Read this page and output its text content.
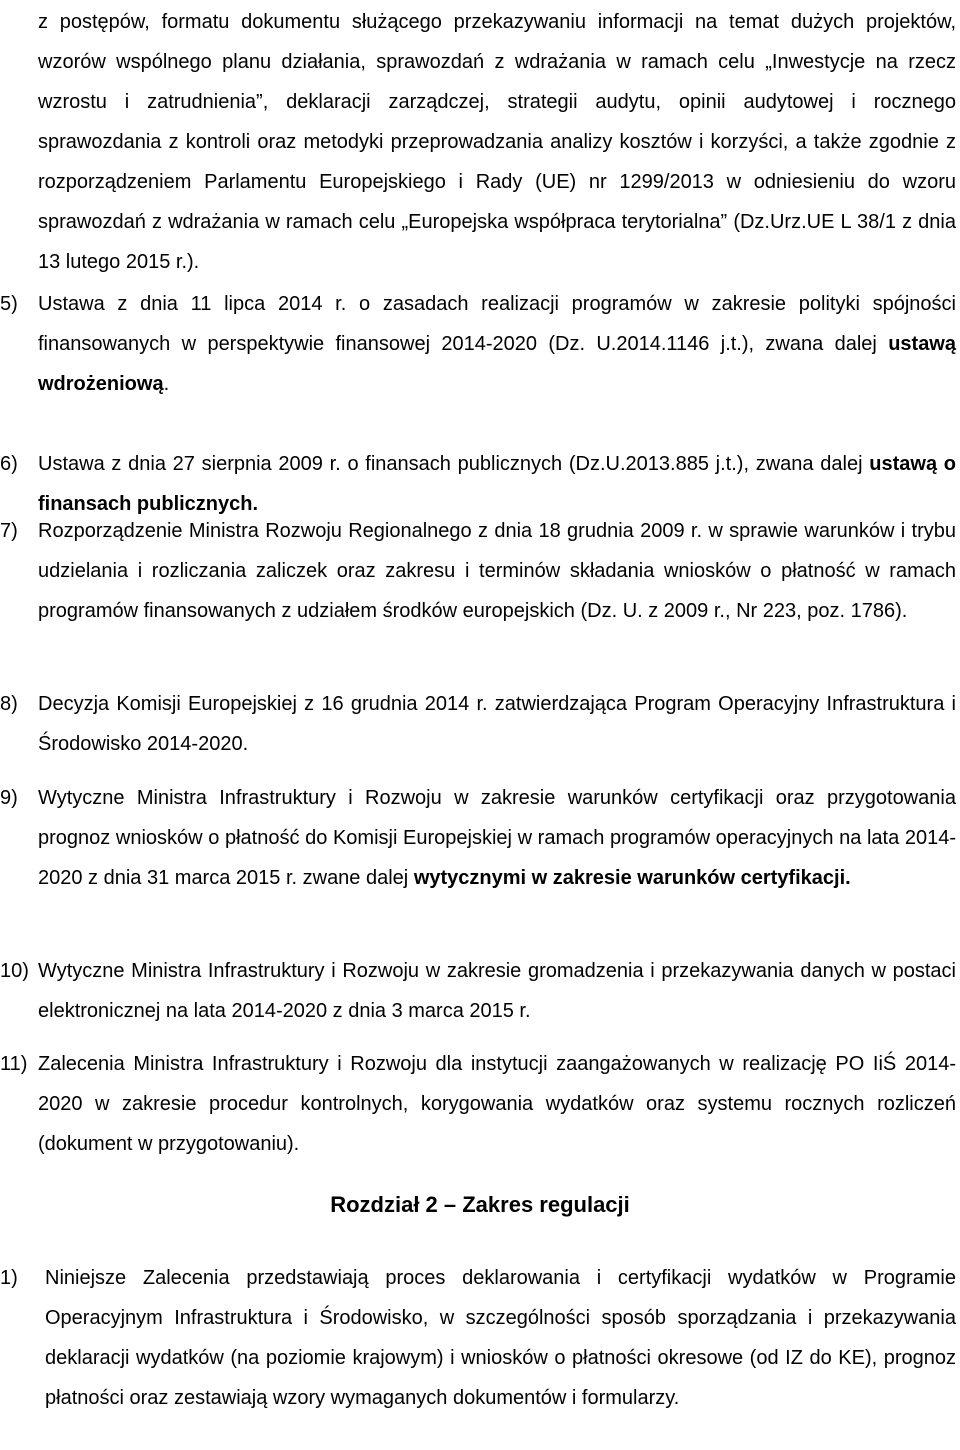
z postępów, formatu dokumentu służącego przekazywaniu informacji na temat dużych projektów, wzorów wspólnego planu działania, sprawozdań z wdrażania w ramach celu „Inwestycje na rzecz wzrostu i zatrudnienia”, deklaracji zarządczej, strategii audytu, opinii audytowej i rocznego sprawozdania z kontroli oraz metodyki przeprowadzania analizy kosztów i korzyści, a także zgodnie z rozporządzeniem Parlamentu Europejskiego i Rady (UE) nr 1299/2013 w odniesieniu do wzoru sprawozdań z wdrażania w ramach celu „Europejska współpraca terytorialna” (Dz.Urz.UE L 38/1 z dnia 13 lutego 2015 r.).

5) Ustawa z dnia 11 lipca 2014 r. o zasadach realizacji programów w zakresie polityki spójności finansowanych w perspektywie finansowej 2014-2020 (Dz. U.2014.1146 j.t.), zwana dalej ustawą wdrożeniową.
6) Ustawa z dnia 27 sierpnia 2009 r. o finansach publicznych (Dz.U.2013.885 j.t.), zwana dalej ustawą o finansach publicznych.
7) Rozporządzenie Ministra Rozwoju Regionalnego z dnia 18 grudnia 2009 r. w sprawie warunków i trybu udzielania i rozliczania zaliczek oraz zakresu i terminów składania wniosków o płatność w ramach programów finansowanych z udziałem środków europejskich (Dz. U. z 2009 r., Nr 223, poz. 1786).
8) Decyzja Komisji Europejskiej z 16 grudnia 2014 r. zatwierdzająca Program Operacyjny Infrastruktura i Środowisko 2014-2020.
9) Wytyczne Ministra Infrastruktury i Rozwoju w zakresie warunków certyfikacji oraz przygotowania prognoz wniosków o płatność do Komisji Europejskiej w ramach programów operacyjnych na lata 2014-2020 z dnia 31 marca 2015 r. zwane dalej wytycznymi w zakresie warunków certyfikacji.
10) Wytyczne Ministra Infrastruktury i Rozwoju w zakresie gromadzenia i przekazywania danych w postaci elektronicznej na lata 2014-2020 z dnia 3 marca 2015 r.
11) Zalecenia Ministra Infrastruktury i Rozwoju dla instytucji zaangażowanych w realizację PO IiŚ 2014-2020 w zakresie procedur kontrolnych, korygowania wydatków oraz systemu rocznych rozliczeń (dokument w przygotowaniu).
Rozdział 2 – Zakres regulacji
1) Niniejsze Zalecenia przedstawiają proces deklarowania i certyfikacji wydatków w Programie Operacyjnym Infrastruktura i Środowisko, w szczególności sposób sporządzania i przekazywania deklaracji wydatków (na poziomie krajowym) i wniosków o płatności okresowe (od IZ do KE), prognoz płatności oraz zestawiają wzory wymaganych dokumentów i formularzy.
